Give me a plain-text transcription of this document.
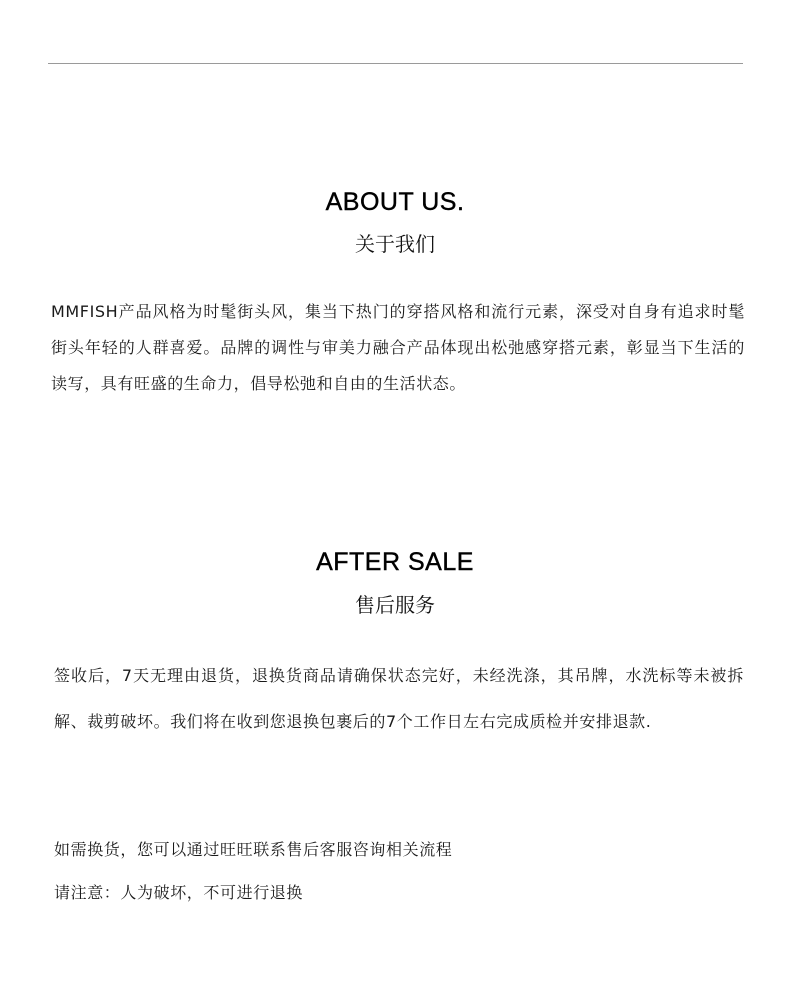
ABOUT US.
关于我们

MMFISH产品风格为时髦街头风，集当下热门的穿搭风格和流行元素，深受对自身有追求时髦街头年轻的人群喜爱。品牌的调性与审美力融合产品体现出松弛感穿搭元素，彰显当下生活的读写，具有旺盛的生命力，倡导松弛和自由的生活状态。

AFTER SALE
售后服务

签收后，7天无理由退货，退换货商品请确保状态完好，未经洗涤，其吊牌，水洗标等未被拆解、裁剪破坏。我们将在收到您退换包裹后的7个工作日左右完成质检并安排退款.

如需换货，您可以通过旺旺联系售后客服咨询相关流程

请注意：人为破坏，不可进行退换
